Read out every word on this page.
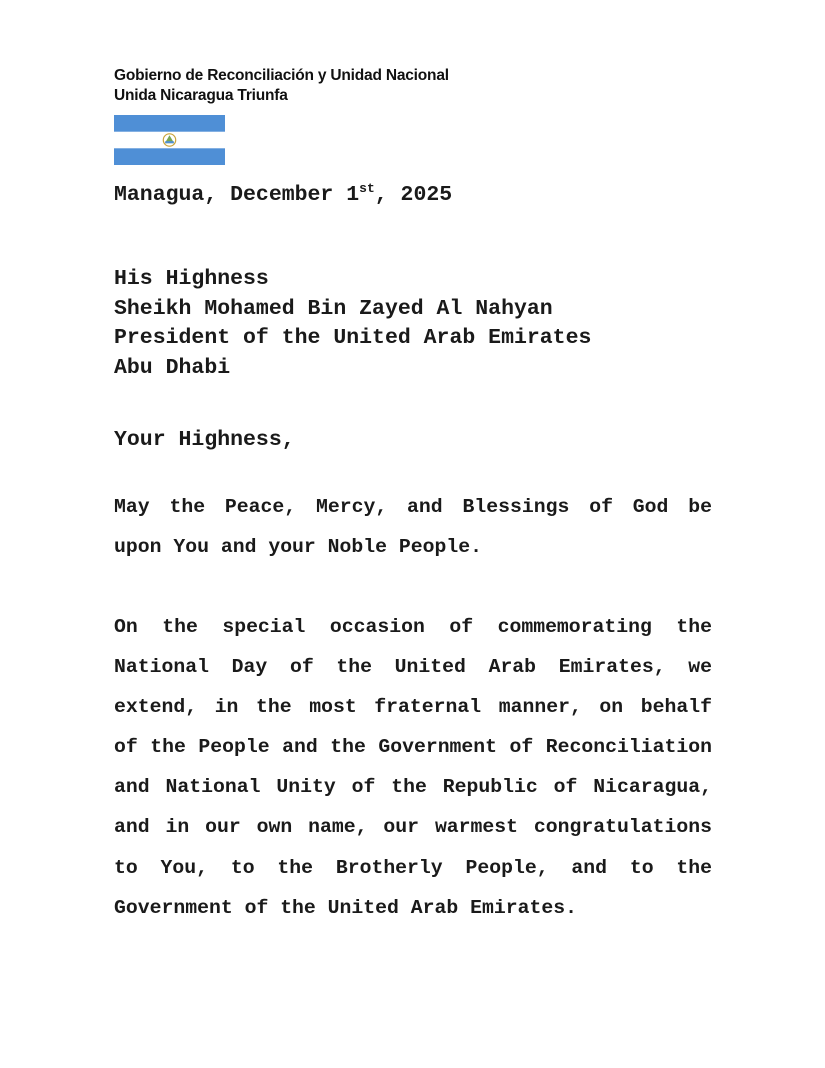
Gobierno de Reconciliación y Unidad Nacional
Unida Nicaragua Triunfa
Managua, December 1st, 2025
His Highness
Sheikh Mohamed Bin Zayed Al Nahyan
President of the United Arab Emirates
Abu Dhabi
Your Highness,
May the Peace, Mercy, and Blessings of God be
upon You and your Noble People.
On the special occasion of commemorating the
National Day of the United Arab Emirates, we
extend, in the most fraternal manner, on behalf
of the People and the Government of Reconciliation
and National Unity of the Republic of Nicaragua,
and in our own name, our warmest congratulations
to You, to the Brotherly People, and to the
Government of the United Arab Emirates.
